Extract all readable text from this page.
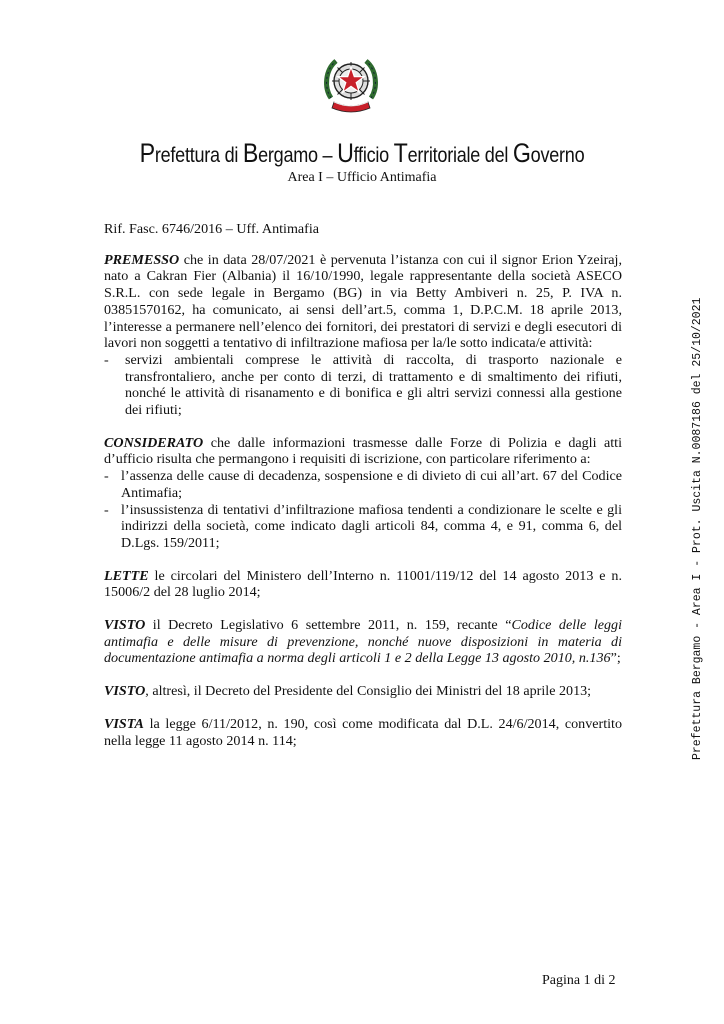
Prefettura di Bergamo – Ufficio Territoriale del Governo
Area I – Ufficio Antimafia
Prefettura Bergamo - Area I - Prot. Uscita N.0087186 del 25/10/2021

Rif. Fasc. 6746/2016 – Uff. Antimafia

PREMESSO che in data 28/07/2021 è pervenuta l’istanza con cui il signor Erion Yzeiraj, nato a Cakran Fier (Albania) il 16/10/1990, legale rappresentante della società ASECO S.R.L. con sede legale in Bergamo (BG) in via Betty Ambiveri n. 25, P. IVA n. 03851570162, ha comunicato, ai sensi dell’art.5, comma 1, D.P.C.M. 18 aprile 2013, l’interesse a permanere nell’elenco dei fornitori, dei prestatori di servizi e degli esecutori di lavori non soggetti a tentativo di infiltrazione mafiosa per la/le sotto indicata/e attività:

- servizi ambientali comprese le attività di raccolta, di trasporto nazionale e transfrontaliero, anche per conto di terzi, di trattamento e di smaltimento dei rifiuti, nonché le attività di risanamento e di bonifica e gli altri servizi connessi alla gestione dei rifiuti;

CONSIDERATO che dalle informazioni trasmesse dalle Forze di Polizia e dagli atti d’ufficio risulta che permangono i requisiti di iscrizione, con particolare riferimento a:

- l’assenza delle cause di decadenza, sospensione e di divieto di cui all’art. 67 del Codice Antimafia;
- l’insussistenza di tentativi d’infiltrazione mafiosa tendenti a condizionare le scelte e gli indirizzi della società, come indicato dagli articoli 84, comma 4, e 91, comma 6, del D.Lgs. 159/2011;

LETTE le circolari del Ministero dell’Interno n. 11001/119/12 del 14 agosto 2013 e n. 15006/2 del 28 luglio 2014;

VISTO il Decreto Legislativo 6 settembre 2011, n. 159, recante “Codice delle leggi antimafia e delle misure di prevenzione, nonché nuove disposizioni in materia di documentazione antimafia a norma degli articoli 1 e 2 della Legge 13 agosto 2010, n.136”;

VISTO, altresì, il Decreto del Presidente del Consiglio dei Ministri del 18 aprile 2013;

VISTA la legge 6/11/2012, n. 190, così come modificata dal D.L. 24/6/2014, convertito nella legge 11 agosto 2014 n. 114;

Pagina 1 di 2
